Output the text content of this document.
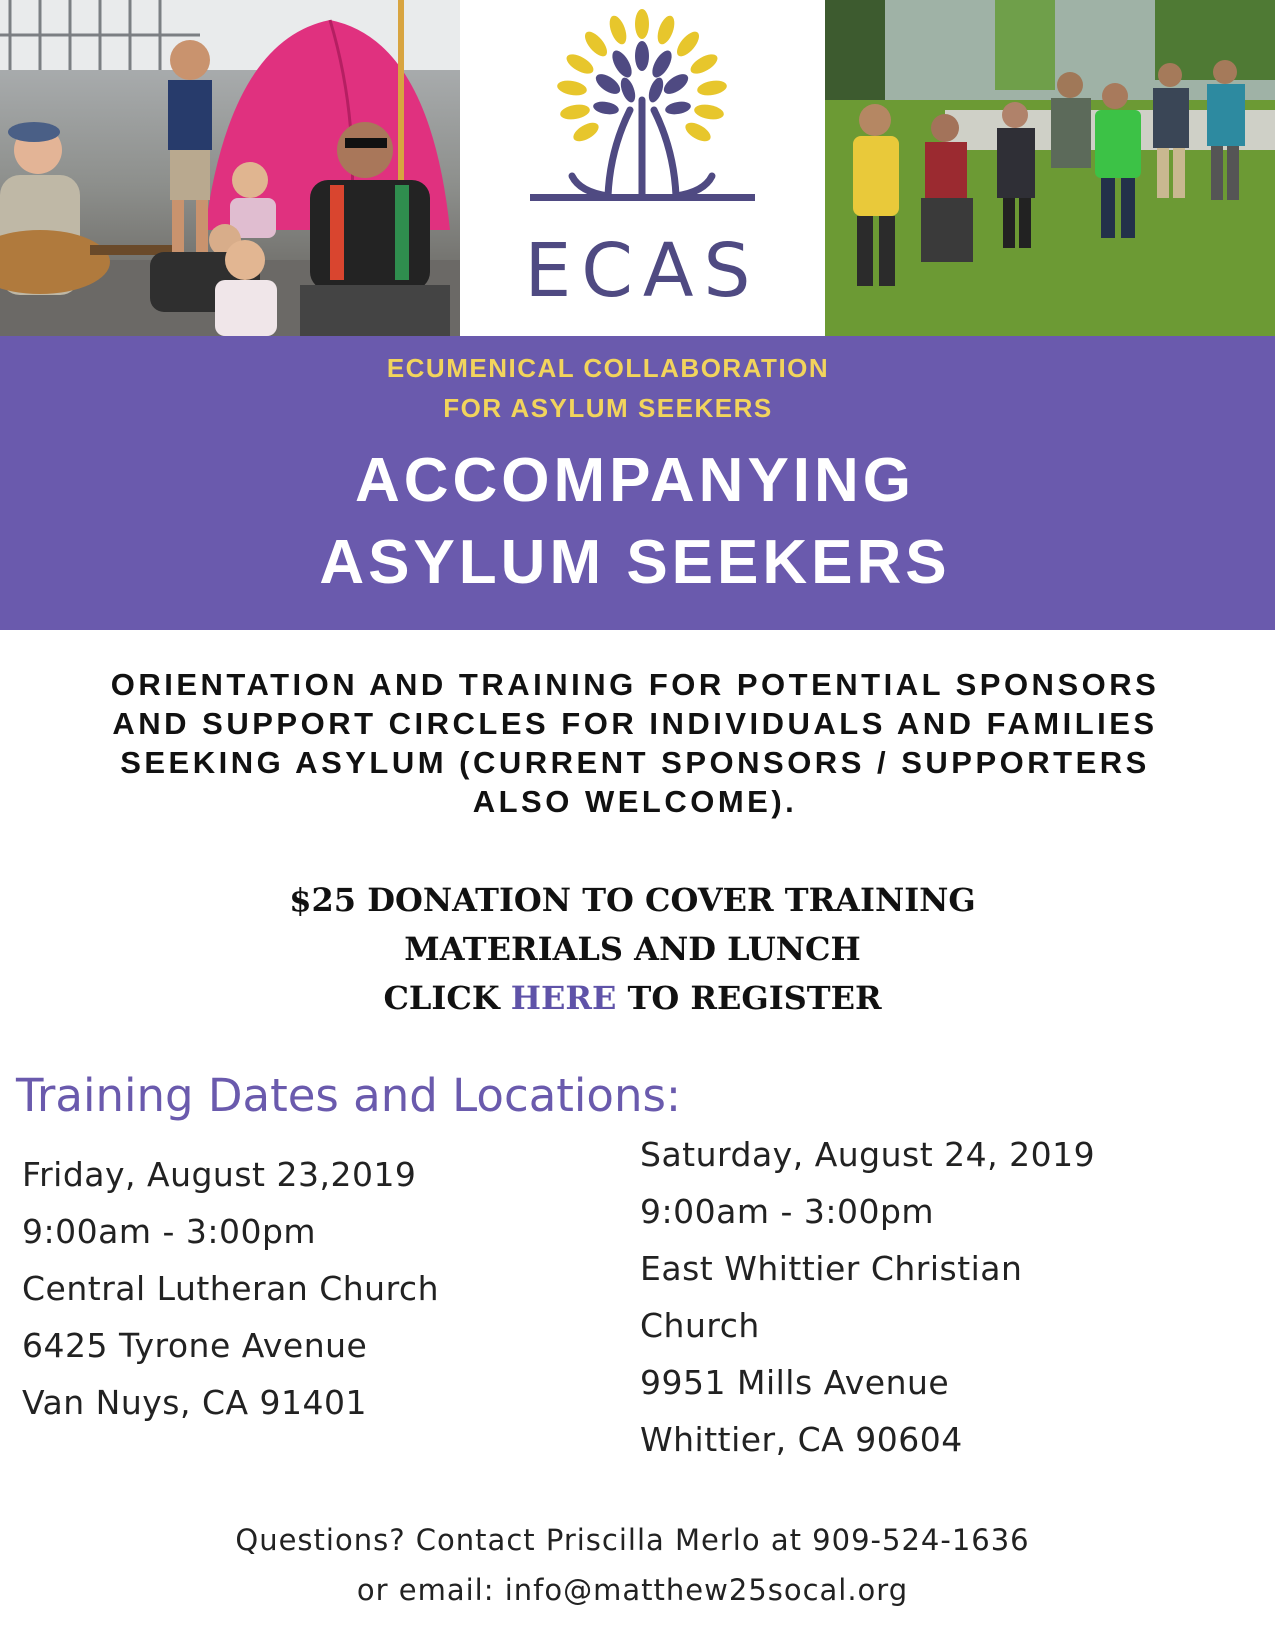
ECAS
ECUMENICAL COLLABORATION
FOR ASYLUM SEEKERS
ACCOMPANYING
ASYLUM SEEKERS
ORIENTATION AND TRAINING FOR POTENTIAL SPONSORS
AND SUPPORT CIRCLES FOR INDIVIDUALS AND FAMILIES
SEEKING ASYLUM (CURRENT SPONSORS / SUPPORTERS
ALSO WELCOME).
$25 DONATION TO COVER TRAINING
MATERIALS AND LUNCH
CLICK HERE TO REGISTER
Training Dates and Locations:
Friday, August 23,2019
9:00am - 3:00pm
Central Lutheran Church
6425 Tyrone Avenue
Van Nuys, CA 91401
Saturday, August 24, 2019
9:00am - 3:00pm
East Whittier Christian
Church
9951 Mills Avenue
Whittier, CA 90604
Questions? Contact Priscilla Merlo at 909-524-1636
or email: info@matthew25socal.org
